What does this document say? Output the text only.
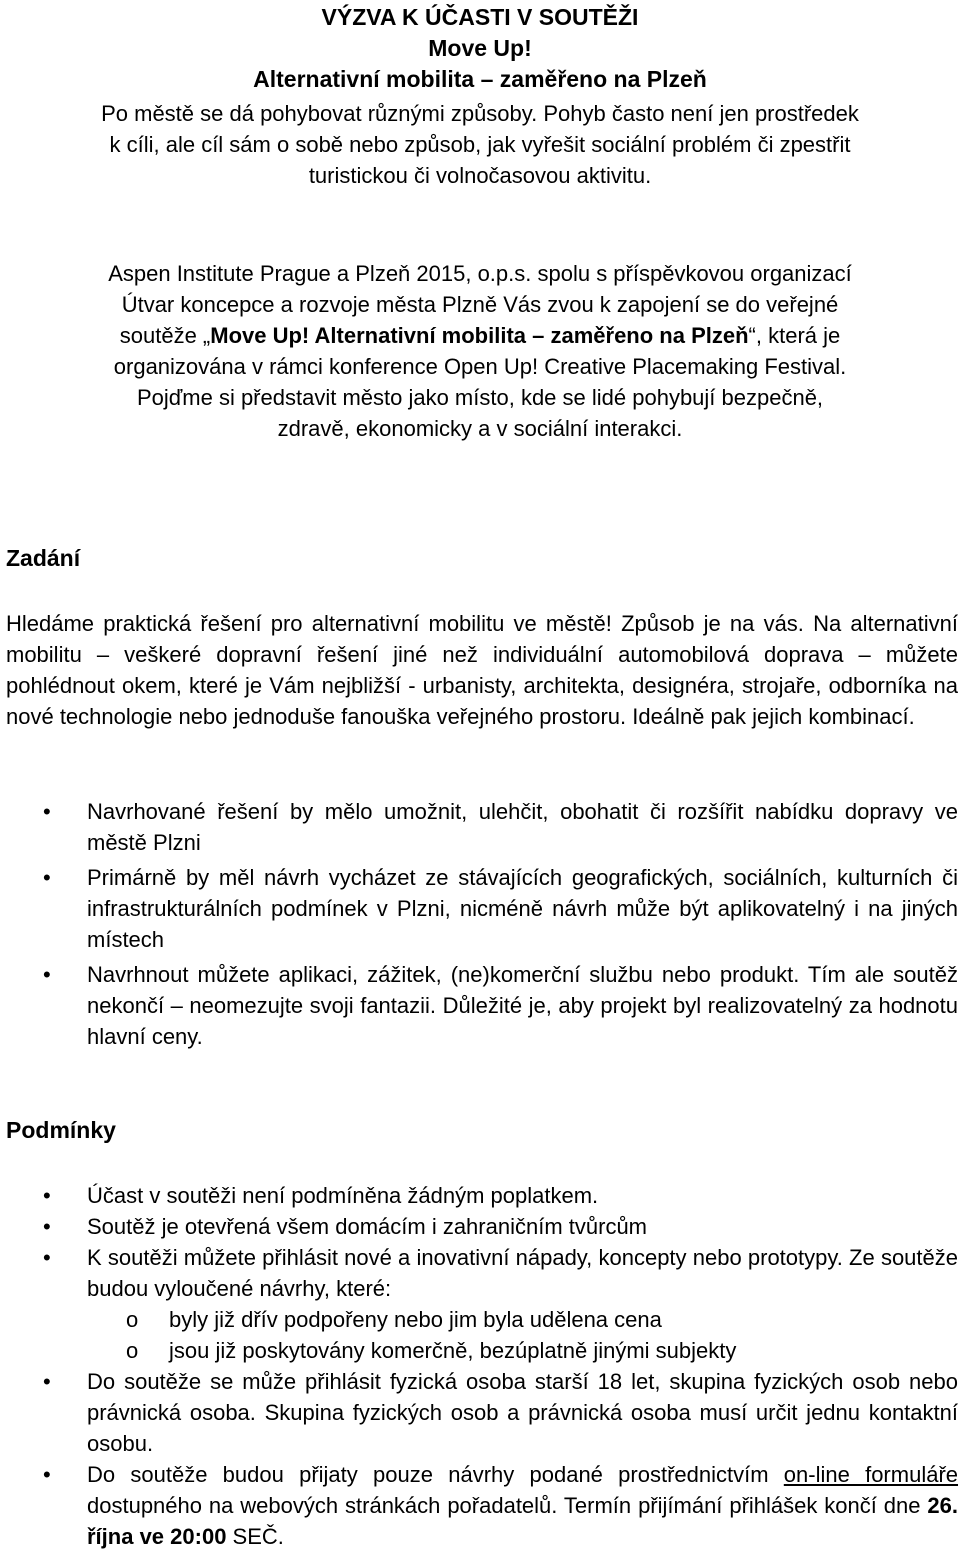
VÝZVA K ÚČASTI V SOUTĚŽI
Move Up!
Alternativní mobilita – zaměřeno na Plzeň
Po městě se dá pohybovat různými způsoby. Pohyb často není jen prostředek
k cíli, ale cíl sám o sobě nebo způsob, jak vyřešit sociální problém či zpestřit
turistickou či volnočasovou aktivitu.
Aspen Institute Prague a Plzeň 2015, o.p.s. spolu s příspěvkovou organizací
Útvar koncepce a rozvoje města Plzně Vás zvou k zapojení se do veřejné
soutěže „Move Up! Alternativní mobilita – zaměřeno na Plzeň“, která je
organizována v rámci konference Open Up! Creative Placemaking Festival.
Pojďme si představit město jako místo, kde se lidé pohybují bezpečně,
zdravě, ekonomicky a v sociální interakci.
Zadání
Hledáme praktická řešení pro alternativní mobilitu ve městě! Způsob je na vás. Na alternativní mobilitu – veškeré dopravní řešení jiné než individuální automobilová doprava – můžete pohlédnout okem, které je Vám nejbližší - urbanisty, architekta, designéra, strojaře, odborníka na nové technologie nebo jednoduše fanouška veřejného prostoru. Ideálně pak jejich kombinací.
• Navrhované řešení by mělo umožnit, ulehčit, obohatit či rozšířit nabídku dopravy ve městě Plzni
• Primárně by měl návrh vycházet ze stávajících geografických, sociálních, kulturních či infrastrukturálních podmínek v Plzni, nicméně návrh může být aplikovatelný i na jiných místech
• Navrhnout můžete aplikaci, zážitek, (ne)komerční službu nebo produkt. Tím ale soutěž nekončí – neomezujte svoji fantazii. Důležité je, aby projekt byl realizovatelný za hodnotu hlavní ceny.
Podmínky
• Účast v soutěži není podmíněna žádným poplatkem.
• Soutěž je otevřená všem domácím i zahraničním tvůrcům
• K soutěži můžete přihlásit nové a inovativní nápady, koncepty nebo prototypy. Ze soutěže budou vyloučené návrhy, které:
o	byly již dřív podpořeny nebo jim byla udělena cena
o	jsou již poskytovány komerčně, bezúplatně jinými subjekty
• Do soutěže se může přihlásit fyzická osoba starší 18 let, skupina fyzických osob nebo právnická osoba. Skupina fyzických osob a právnická osoba musí určit jednu kontaktní osobu.
• Do soutěže budou přijaty pouze návrhy podané prostřednictvím on-line formuláře dostupného na webových stránkách pořadatelů. Termín přijímání přihlášek končí dne 26. října ve 20:00 SEČ.
